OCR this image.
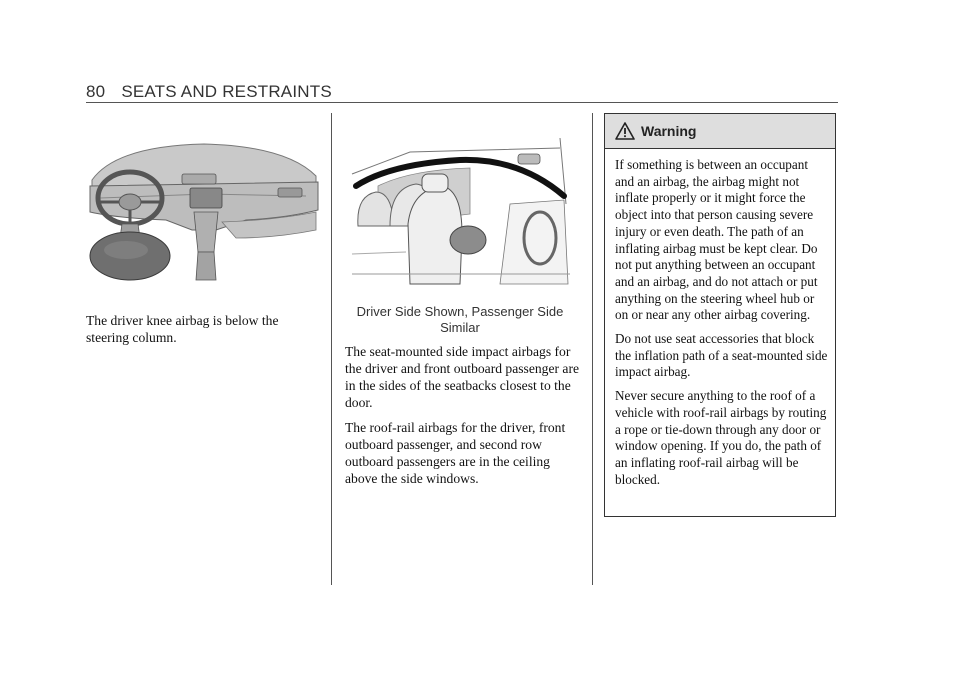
80 SEATS AND RESTRAINTS

The driver knee airbag is below the steering column.

Driver Side Shown, Passenger Side Similar

The seat-mounted side impact airbags for the driver and front outboard passenger are in the sides of the seatbacks closest to the door.

The roof-rail airbags for the driver, front outboard passenger, and second row outboard passengers are in the ceiling above the side windows.

Warning

If something is between an occupant and an airbag, the airbag might not inflate properly or it might force the object into that person causing severe injury or even death. The path of an inflating airbag must be kept clear. Do not put anything between an occupant and an airbag, and do not attach or put anything on the steering wheel hub or on or near any other airbag covering.

Do not use seat accessories that block the inflation path of a seat-mounted side impact airbag.

Never secure anything to the roof of a vehicle with roof-rail airbags by routing a rope or tie-down through any door or window opening. If you do, the path of an inflating roof-rail airbag will be blocked.
